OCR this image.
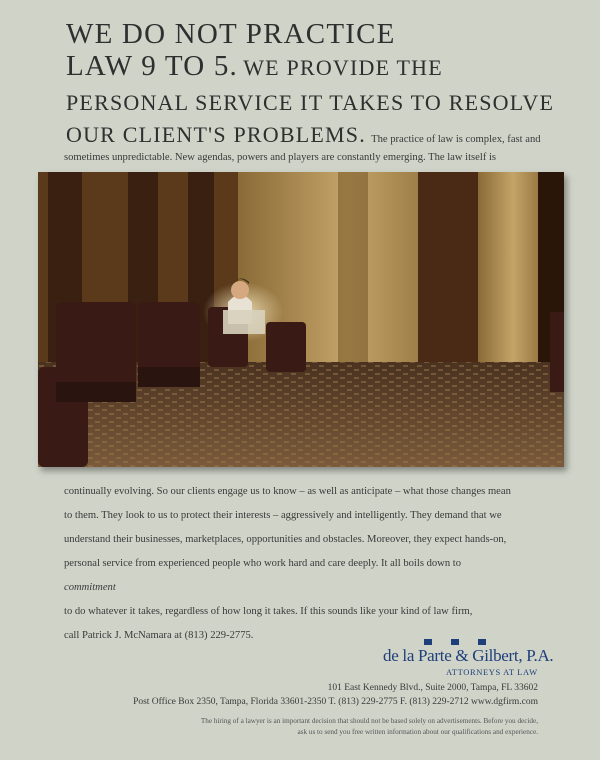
WE DO NOT PRACTICE
LAW 9 TO 5. WE PROVIDE THE
PERSONAL SERVICE IT TAKES TO RESOLVE
OUR CLIENT'S PROBLEMS. The practice of law is complex, fast and
sometimes unpredictable. New agendas, powers and players are constantly emerging. The law itself is
continually evolving. So our clients engage us to know – as well as anticipate – what those changes mean
to them. They look to us to protect their interests – aggressively and intelligently. They demand that we
understand their businesses, marketplaces, opportunities and obstacles. Moreover, they expect hands-on,
personal service from experienced people who work hard and care deeply. It all boils down to
commitment
to do whatever it takes, regardless of how long it takes. If this sounds like your kind of law firm,
call Patrick J. McNamara at (813) 229-2775.
de la Parte & Gilbert, P.A.
ATTORNEYS AT LAW
101 East Kennedy Blvd., Suite 2000, Tampa, FL 33602
Post Office Box 2350, Tampa, Florida 33601-2350 T. (813) 229-2775 F. (813) 229-2712 www.dgfirm.com
The hiring of a lawyer is an important decision that should not be based solely on advertisements. Before you decide,
ask us to send you free written information about our qualifications and experience.
